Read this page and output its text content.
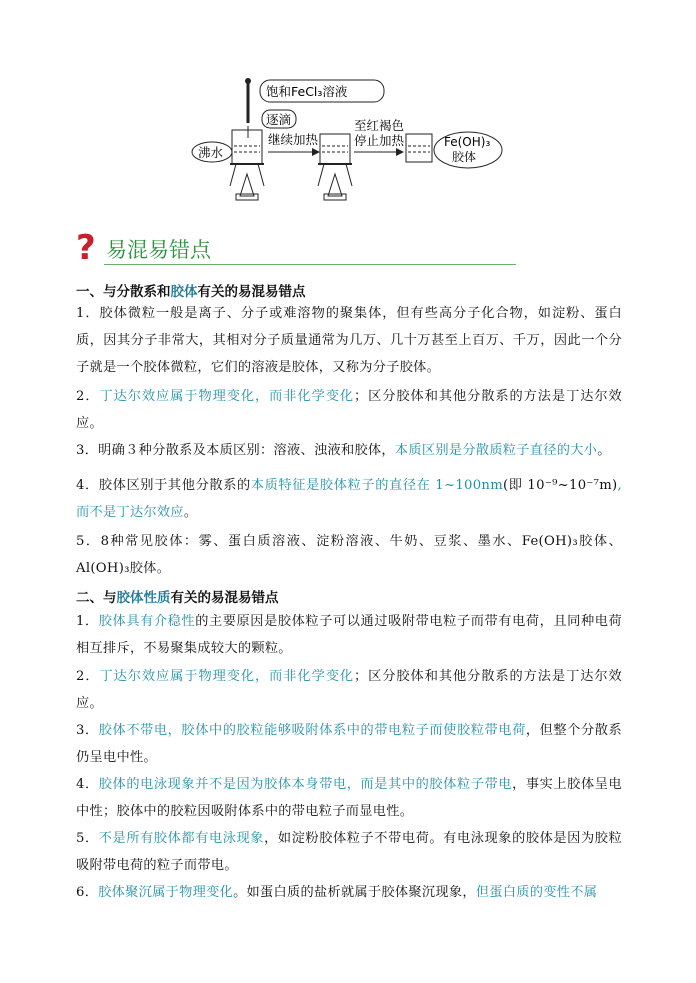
饱和FeCl₃溶液
沸水
逐滴
继续加热
至红褐色
停止加热	Fe(OH)₃
胶体
? 易混易错点
一、与分散系和胶体有关的易混易错点
1．胶体微粒一般是离子、分子或难溶物的聚集体，但有些高分子化合物，如淀粉、蛋白质，因其分子非常大，其相对分子质量通常为几万、几十万甚至上百万、千万，因此一个分子就是一个胶体微粒，它们的溶液是胶体，又称为分子胶体。
2．丁达尔效应属于物理变化，而非化学变化；区分胶体和其他分散系的方法是丁达尔效应。
3．明确３种分散系及本质区别：溶液、浊液和胶体，本质区别是分散质粒子直径的大小。
4．胶体区别于其他分散系的本质特征是胶体粒子的直径在 1~100nm(即 10⁻⁹~10⁻⁷m),而不是丁达尔效应。
5．8种常见胶体：雾、蛋白质溶液、淀粉溶液、牛奶、豆浆、墨水、Fe(OH)₃胶体、Al(OH)₃胶体。
二、与胶体性质有关的易混易错点
1．胶体具有介稳性的主要原因是胶体粒子可以通过吸附带电粒子而带有电荷，且同种电荷相互排斥，不易聚集成较大的颗粒。
2．丁达尔效应属于物理变化，而非化学变化；区分胶体和其他分散系的方法是丁达尔效应。
3．胶体不带电，胶体中的胶粒能够吸附体系中的带电粒子而使胶粒带电荷，但整个分散系仍呈电中性。
4．胶体的电泳现象并不是因为胶体本身带电，而是其中的胶体粒子带电，事实上胶体呈电中性；胶体中的胶粒因吸附体系中的带电粒子而显电性。
5．不是所有胶体都有电泳现象，如淀粉胶体粒子不带电荷。有电泳现象的胶体是因为胶粒吸附带电荷的粒子而带电。
6．胶体聚沉属于物理变化。如蛋白质的盐析就属于胶体聚沉现象，但蛋白质的变性不属
